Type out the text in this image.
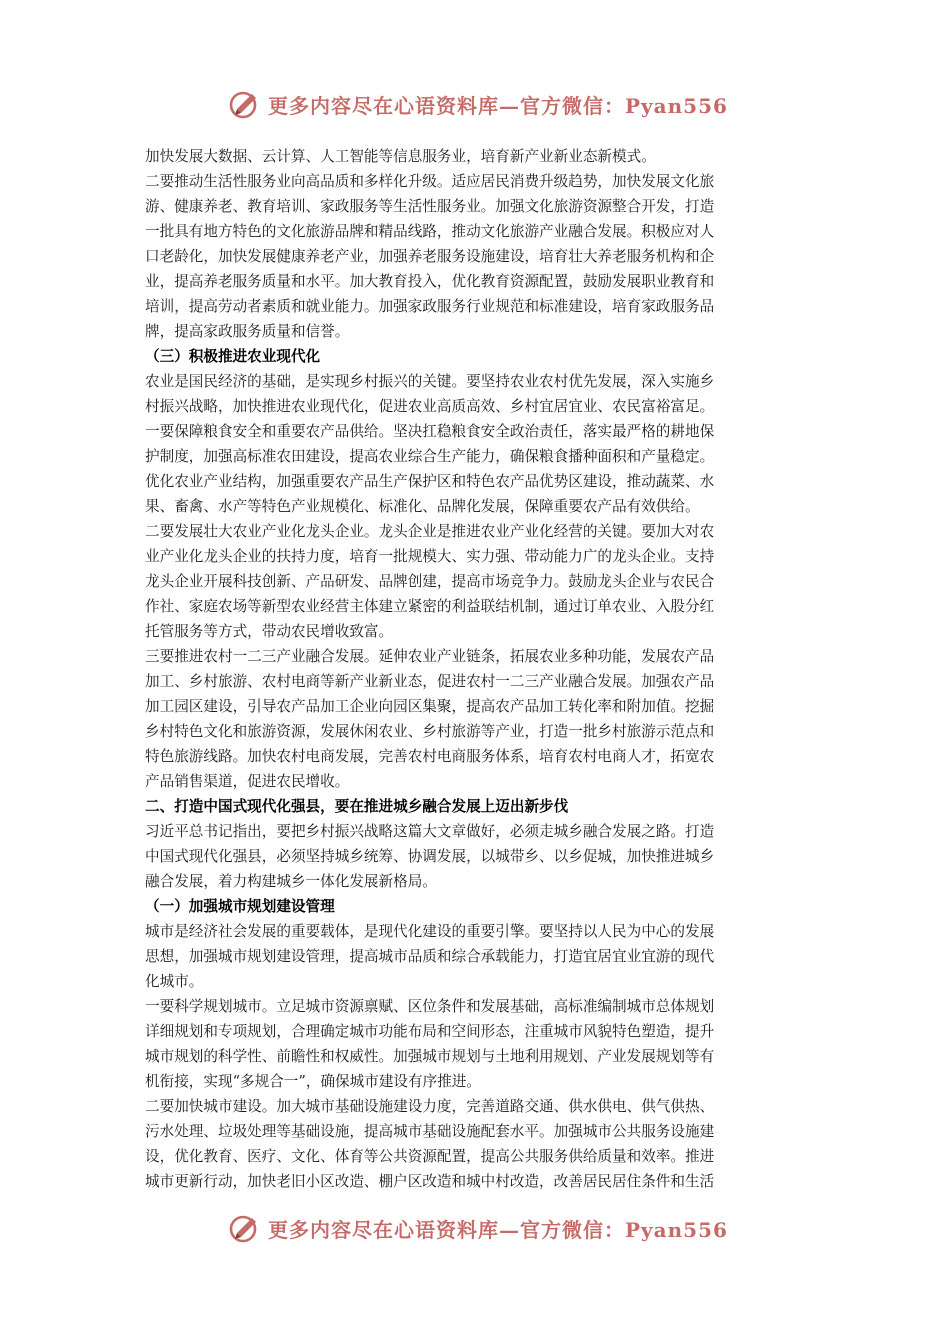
更多内容尽在心语资料库—官方微信：Pyan556
加快发展大数据、云计算、人工智能等信息服务业，培育新产业新业态新模式。
二要推动生活性服务业向高品质和多样化升级。适应居民消费升级趋势，加快发展文化旅
游、健康养老、教育培训、家政服务等生活性服务业。加强文化旅游资源整合开发，打造
一批具有地方特色的文化旅游品牌和精品线路，推动文化旅游产业融合发展。积极应对人
口老龄化，加快发展健康养老产业，加强养老服务设施建设，培育壮大养老服务机构和企
业，提高养老服务质量和水平。加大教育投入，优化教育资源配置，鼓励发展职业教育和
培训，提高劳动者素质和就业能力。加强家政服务行业规范和标准建设，培育家政服务品
牌，提高家政服务质量和信誉。
（三）积极推进农业现代化
农业是国民经济的基础，是实现乡村振兴的关键。要坚持农业农村优先发展，深入实施乡
村振兴战略，加快推进农业现代化，促进农业高质高效、乡村宜居宜业、农民富裕富足。
一要保障粮食安全和重要农产品供给。坚决扛稳粮食安全政治责任，落实最严格的耕地保
护制度，加强高标准农田建设，提高农业综合生产能力，确保粮食播种面积和产量稳定。
优化农业产业结构，加强重要农产品生产保护区和特色农产品优势区建设，推动蔬菜、水
果、畜禽、水产等特色产业规模化、标准化、品牌化发展，保障重要农产品有效供给。
二要发展壮大农业产业化龙头企业。龙头企业是推进农业产业化经营的关键。要加大对农
业产业化龙头企业的扶持力度，培育一批规模大、实力强、带动能力广的龙头企业。支持
龙头企业开展科技创新、产品研发、品牌创建，提高市场竞争力。鼓励龙头企业与农民合
作社、家庭农场等新型农业经营主体建立紧密的利益联结机制，通过订单农业、入股分红
托管服务等方式，带动农民增收致富。
三要推进农村一二三产业融合发展。延伸农业产业链条，拓展农业多种功能，发展农产品
加工、乡村旅游、农村电商等新产业新业态，促进农村一二三产业融合发展。加强农产品
加工园区建设，引导农产品加工企业向园区集聚，提高农产品加工转化率和附加值。挖掘
乡村特色文化和旅游资源，发展休闲农业、乡村旅游等产业，打造一批乡村旅游示范点和
特色旅游线路。加快农村电商发展，完善农村电商服务体系，培育农村电商人才，拓宽农
产品销售渠道，促进农民增收。
二、打造中国式现代化强县，要在推进城乡融合发展上迈出新步伐
习近平总书记指出，要把乡村振兴战略这篇大文章做好，必须走城乡融合发展之路。打造
中国式现代化强县，必须坚持城乡统筹、协调发展，以城带乡、以乡促城，加快推进城乡
融合发展，着力构建城乡一体化发展新格局。
（一）加强城市规划建设管理
城市是经济社会发展的重要载体，是现代化建设的重要引擎。要坚持以人民为中心的发展
思想，加强城市规划建设管理，提高城市品质和综合承载能力，打造宜居宜业宜游的现代
化城市。
一要科学规划城市。立足城市资源禀赋、区位条件和发展基础，高标准编制城市总体规划
详细规划和专项规划，合理确定城市功能布局和空间形态，注重城市风貌特色塑造，提升
城市规划的科学性、前瞻性和权威性。加强城市规划与土地利用规划、产业发展规划等有
机衔接，实现“多规合一”，确保城市建设有序推进。
二要加快城市建设。加大城市基础设施建设力度，完善道路交通、供水供电、供气供热、
污水处理、垃圾处理等基础设施，提高城市基础设施配套水平。加强城市公共服务设施建
设，优化教育、医疗、文化、体育等公共资源配置，提高公共服务供给质量和效率。推进
城市更新行动，加快老旧小区改造、棚户区改造和城中村改造，改善居民居住条件和生活
更多内容尽在心语资料库—官方微信：Pyan556
